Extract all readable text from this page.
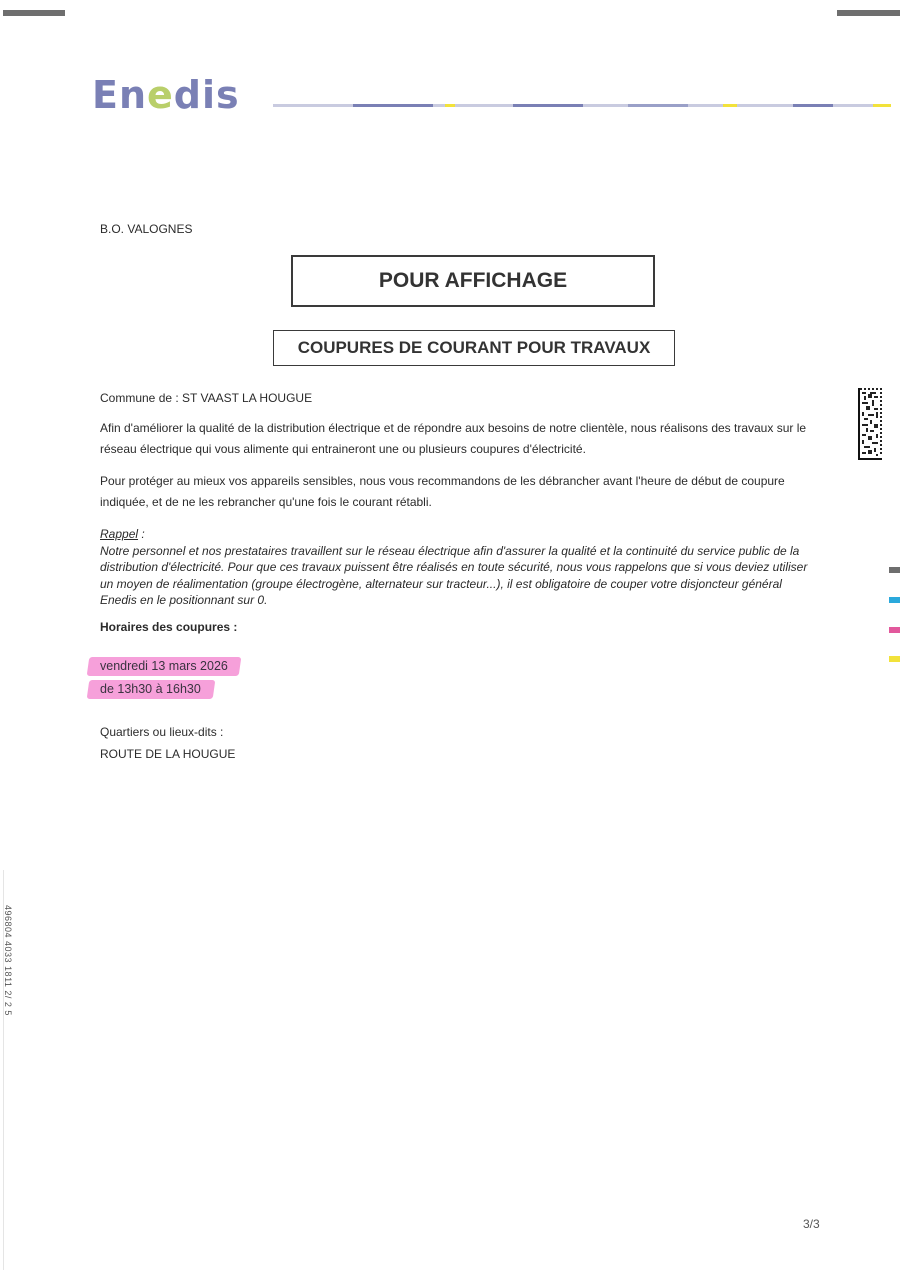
Enedis
B.O. VALOGNES
POUR AFFICHAGE
COUPURES DE COURANT POUR TRAVAUX
Commune de : ST VAAST LA HOUGUE
Afin d'améliorer la qualité de la distribution électrique et de répondre aux besoins de notre clientèle, nous réalisons des travaux sur le réseau électrique qui vous alimente qui entraineront une ou plusieurs coupures d'électricité.
Pour protéger au mieux vos appareils sensibles, nous vous recommandons de les débrancher avant l'heure de début de coupure indiquée, et de ne les rebrancher qu'une fois le courant rétabli.
Rappel :
Notre personnel et nos prestataires travaillent sur le réseau électrique afin d'assurer la qualité et la continuité du service public de la distribution d'électricité. Pour que ces travaux puissent être réalisés en toute sécurité, nous vous rappelons que si vous deviez utiliser un moyen de réalimentation (groupe électrogène, alternateur sur tracteur...), il est obligatoire de couper votre disjoncteur général Enedis en le positionnant sur 0.
Horaires des coupures :
vendredi 13 mars 2026
de 13h30 à 16h30
Quartiers ou lieux-dits :
ROUTE DE LA HOUGUE
496804 4033 1811 2/ 2 5
3/3
